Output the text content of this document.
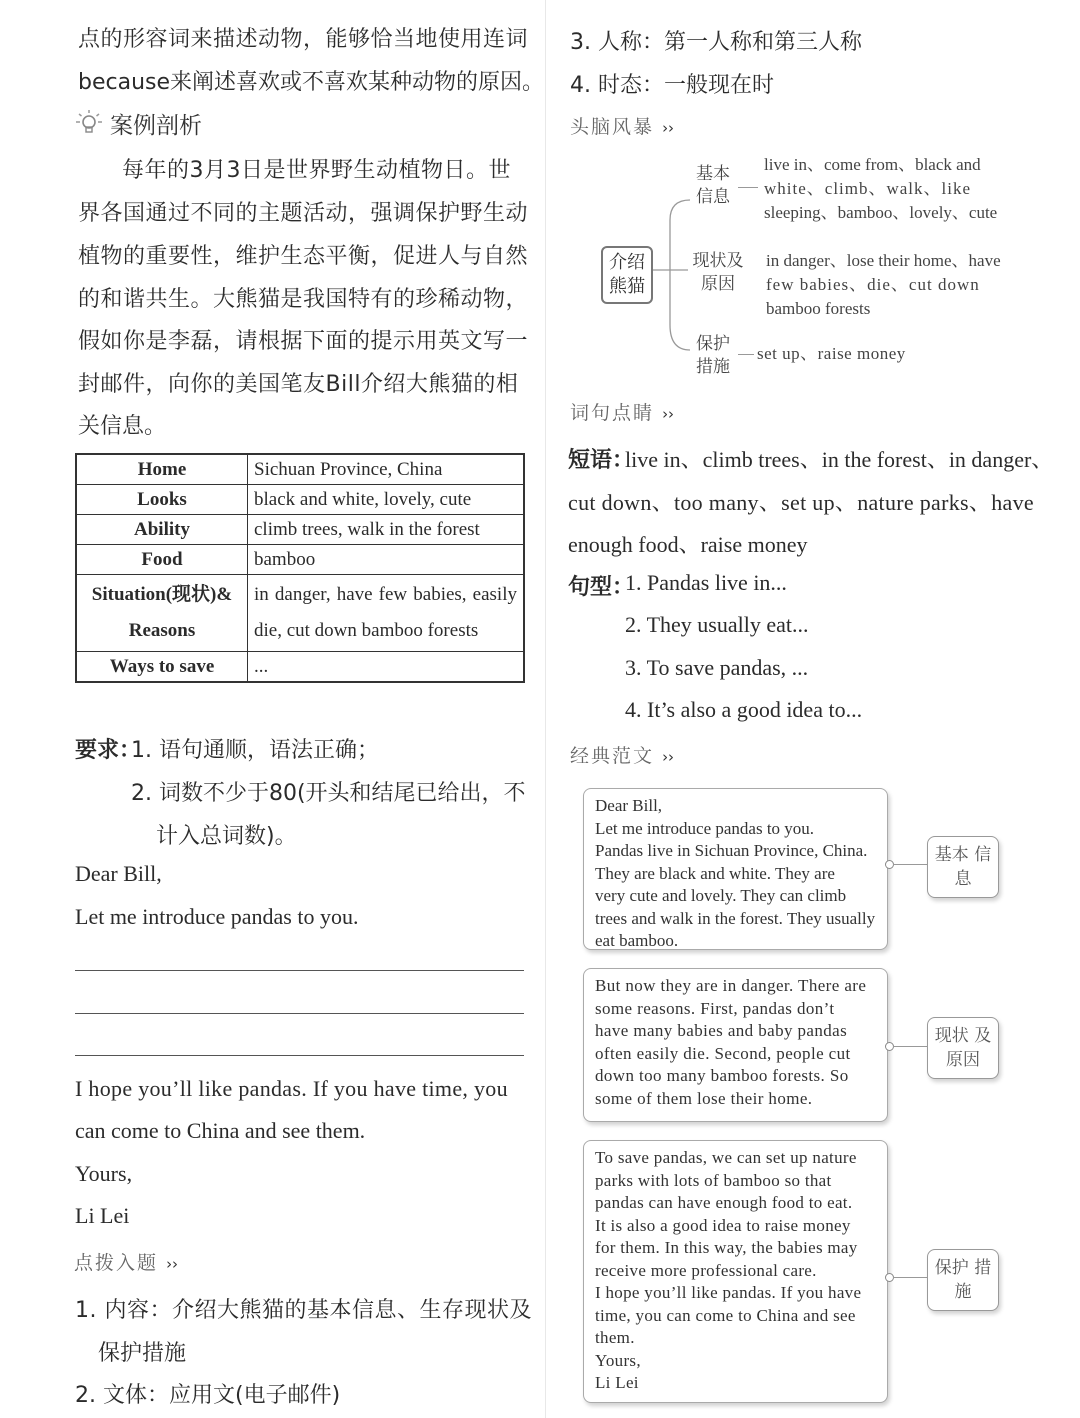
点的形容词来描述动物，能够恰当地使用连词
because来阐述喜欢或不喜欢某种动物的原因。
案例剖析
每年的3月3日是世界野生动植物日。世
界各国通过不同的主题活动，强调保护野生动
植物的重要性，维护生态平衡，促进人与自然
的和谐共生。大熊猫是我国特有的珍稀动物，
假如你是李磊，请根据下面的提示用英文写一
封邮件，向你的美国笔友Bill介绍大熊猫的相
关信息。
Home	Sichuan Province, China
Looks	black and white, lovely, cute
Ability	climb trees, walk in the forest
Food	bamboo
Situation(现状)& Reasons	in danger, have few babies, easily die, cut down bamboo forests
Ways to save	...
要求：
1. 语句通顺，语法正确；
2. 词数不少于80(开头和结尾已给出，不
计入总词数)。
Dear Bill,
Let me introduce pandas to you.
I hope you’ll like pandas. If you have time, you
can come to China and see them.
Yours,
Li Lei
点拨入题 ››
1. 内容：介绍大熊猫的基本信息、生存现状及
保护措施
2. 文体：应用文(电子邮件)
3. 人称：第一人称和第三人称
4. 时态：一般现在时
头脑风暴 ››
介绍 熊猫
基本 信息
live in、come from、black and
white、climb、walk、like
sleeping、bamboo、lovely、cute
现状及 原因
in danger、lose their home、have
few babies、die、cut down
bamboo forests
保护 措施
set up、raise money
词句点睛 ››
短语：
live in、climb trees、in the forest、in danger、
cut down、too many、set up、nature parks、have
enough food、raise money
句型：
1. Pandas live in...
2. They usually eat...
3. To save pandas, ...
4. It’s also a good idea to...
经典范文 ››
Dear Bill,
Let me introduce pandas to you.
Pandas live in Sichuan Province, China.
They are black and white. They are
very cute and lovely. They can climb
trees and walk in the forest. They usually
eat bamboo.
基本 信息
But now they are in danger. There are
some reasons. First, pandas don’t
have many babies and baby pandas
often easily die. Second, people cut
down too many bamboo forests. So
some of them lose their home.
现状 及原因
To save pandas, we can set up nature
parks with lots of bamboo so that
pandas can have enough food to eat.
It is also a good idea to raise money
for them. In this way, the babies may
receive more professional care.
I hope you’ll like pandas. If you have
time, you can come to China and see
them.
Yours,
Li Lei
保护 措施
